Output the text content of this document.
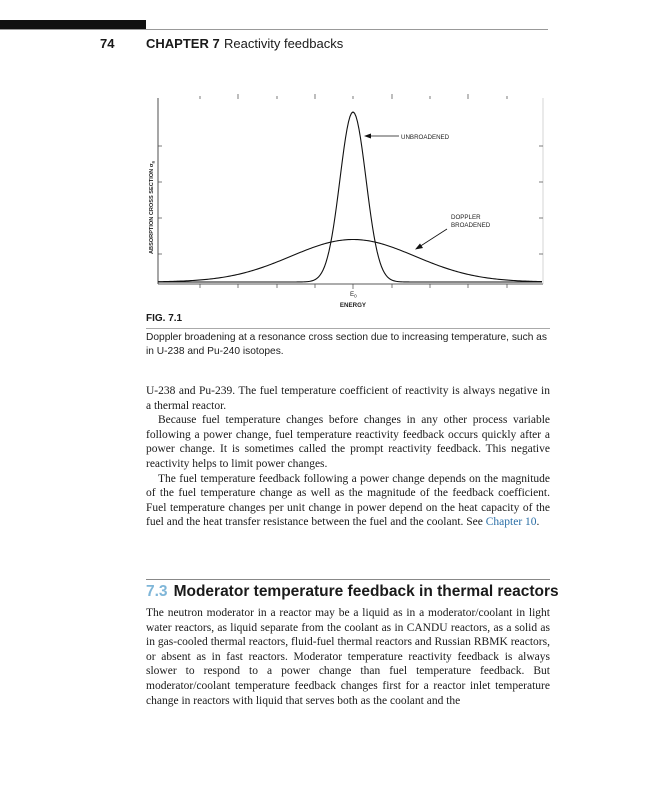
74 CHAPTER 7 Reactivity feedbacks
UNBROADENED
DOPPLER
BROADENED
$E_0$
ENERGY
ABSORPTION CROSS SECTION $\sigma_a$
FIG. 7.1
Doppler broadening at a resonance cross section due to increasing temperature, such as in U-238 and Pu-240 isotopes.

U-238 and Pu-239. The fuel temperature coefficient of reactivity is always negative in a thermal reactor.

Because fuel temperature changes before changes in any other process variable following a power change, fuel temperature reactivity feedback occurs quickly after a power change. It is sometimes called the prompt reactivity feedback. This negative reactivity helps to limit power changes.

The fuel temperature feedback following a power change depends on the magnitude of the fuel temperature change as well as the magnitude of the feedback coefficient. Fuel temperature changes per unit change in power depend on the heat capacity of the fuel and the heat transfer resistance between the fuel and the coolant. See Chapter 10.

7.3 Moderator temperature feedback in thermal reactors

The neutron moderator in a reactor may be a liquid as in a moderator/coolant in light water reactors, as liquid separate from the coolant as in CANDU reactors, as a solid as in gas-cooled thermal reactors, fluid-fuel thermal reactors and Russian RBMK reactors, or absent as in fast reactors. Moderator temperature reactivity feedback is always slower to respond to a power change than fuel temperature feedback. But moderator/coolant temperature feedback changes first for a reactor inlet temperature change in reactors with liquid that serves both as the coolant and the
